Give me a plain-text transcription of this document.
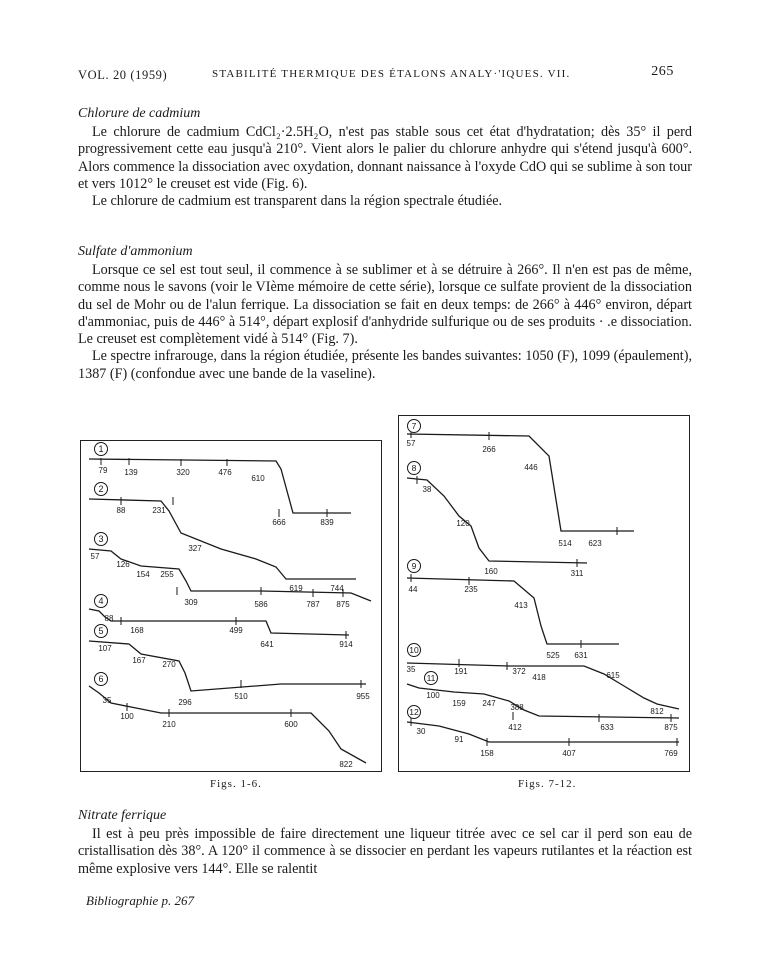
VOL. 20 (1959)	STABILITÉ THERMIQUE DES ÉTALONS ANALY·'IQUES. VII.	265
Chlorure de cadmium

Le chlorure de cadmium CdCl₂·2.5H₂O, n'est pas stable sous cet état d'hydratation; dès 35° il perd progressivement cette eau jusqu'à 210°. Vient alors le palier du chlorure anhydre qui s'étend jusqu'à 600°. Alors commence la dissociation avec oxydation, donnant naissance à l'oxyde CdO qui se sublime à son tour et vers 1012° le creuset est vide (Fig. 6).

Le chlorure de cadmium est transparent dans la région spectrale étudiée.

Sulfate d'ammonium

Lorsque ce sel est tout seul, il commence à se sublimer et à se détruire à 266°. Il n'en est pas de même, comme nous le savons (voir le VIème mémoire de cette série), lorsque ce sulfate provient de la dissociation du sel de Mohr ou de l'alun ferrique. La dissociation se fait en deux temps: de 266° à 446° environ, départ d'ammoniac, puis de 446° à 514°, départ explosif d'anhydride sulfurique ou de ses produits · .e dissociation. Le creuset est complètement vidé à 514° (Fig. 7).

Le spectre infrarouge, dans la région étudiée, présente les bandes suivantes: 1050 (F), 1099 (épaulement), 1387 (F) (confondue avec une bande de la vaseline).

1
2
3
4
5
6
79 139	320	476
610
666	839
88	231
327
619	744
57
126
154 255
309	586	787 875
88
168	499
641	914
107
167 270
296
510	955
35
100
210	600
822
Figs. 1-6.
7
8
9
10
11
12
57
266
446
514 623
38
120
160	311
44	235
413
525 631
35	191	372
418	615
812
100
159 247 388
412	633	875
30
91
158	407	769
Figs. 7-12.
Nitrate ferrique

Il est à peu près impossible de faire directement une liqueur titrée avec ce sel car il perd son eau de cristallisation dès 38°. A 120° il commence à se dissocier en perdant les vapeurs rutilantes et la réaction est même explosive vers 144°. Elle se ralentit

Bibliographie p. 267
